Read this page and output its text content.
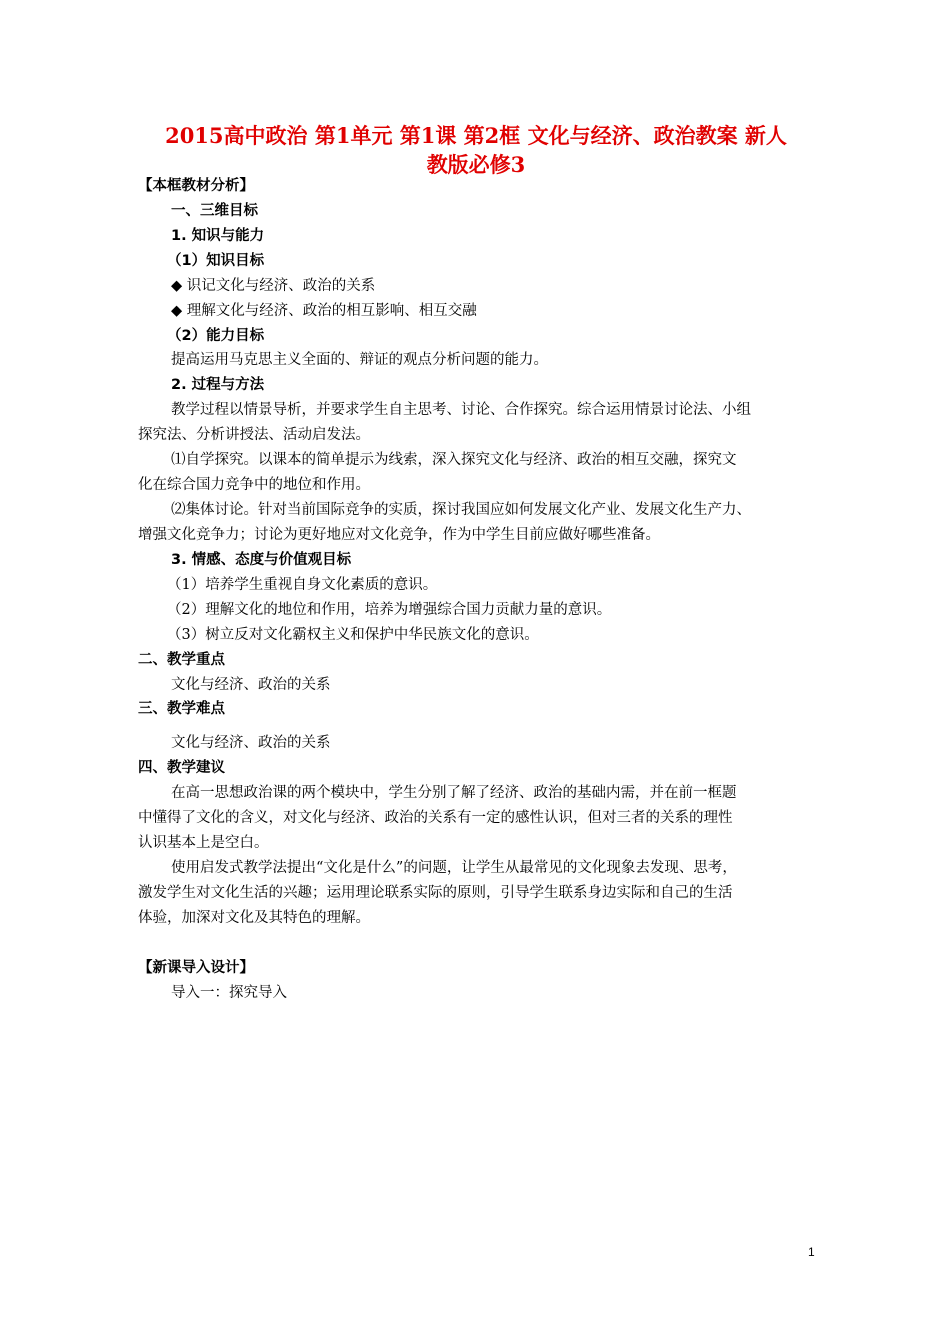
2015高中政治 第1单元 第1课 第2框 文化与经济、政治教案 新人
教版必修3
【本框教材分析】
一、三维目标
1. 知识与能力
（1）知识目标
◆ 识记文化与经济、政治的关系
◆ 理解文化与经济、政治的相互影响、相互交融
（2）能力目标
提高运用马克思主义全面的、辩证的观点分析问题的能力。
2. 过程与方法
教学过程以情景导析，并要求学生自主思考、讨论、合作探究。综合运用情景讨论法、小组
探究法、分析讲授法、活动启发法。
⑴自学探究。以课本的简单提示为线索，深入探究文化与经济、政治的相互交融，探究文
化在综合国力竞争中的地位和作用。
⑵集体讨论。针对当前国际竞争的实质，探讨我国应如何发展文化产业、发展文化生产力、
增强文化竞争力；讨论为更好地应对文化竞争，作为中学生目前应做好哪些准备。
3. 情感、态度与价值观目标
（1）培养学生重视自身文化素质的意识。
（2）理解文化的地位和作用，培养为增强综合国力贡献力量的意识。
（3）树立反对文化霸权主义和保护中华民族文化的意识。
二、教学重点
文化与经济、政治的关系
三、教学难点
文化与经济、政治的关系
四、教学建议
在高一思想政治课的两个模块中，学生分别了解了经济、政治的基础内需，并在前一框题
中懂得了文化的含义，对文化与经济、政治的关系有一定的感性认识，但对三者的关系的理性
认识基本上是空白。
使用启发式教学法提出“文化是什么”的问题，让学生从最常见的文化现象去发现、思考，
激发学生对文化生活的兴趣；运用理论联系实际的原则，引导学生联系身边实际和自己的生活
体验，加深对文化及其特色的理解。
【新课导入设计】
导入一：探究导入
1
